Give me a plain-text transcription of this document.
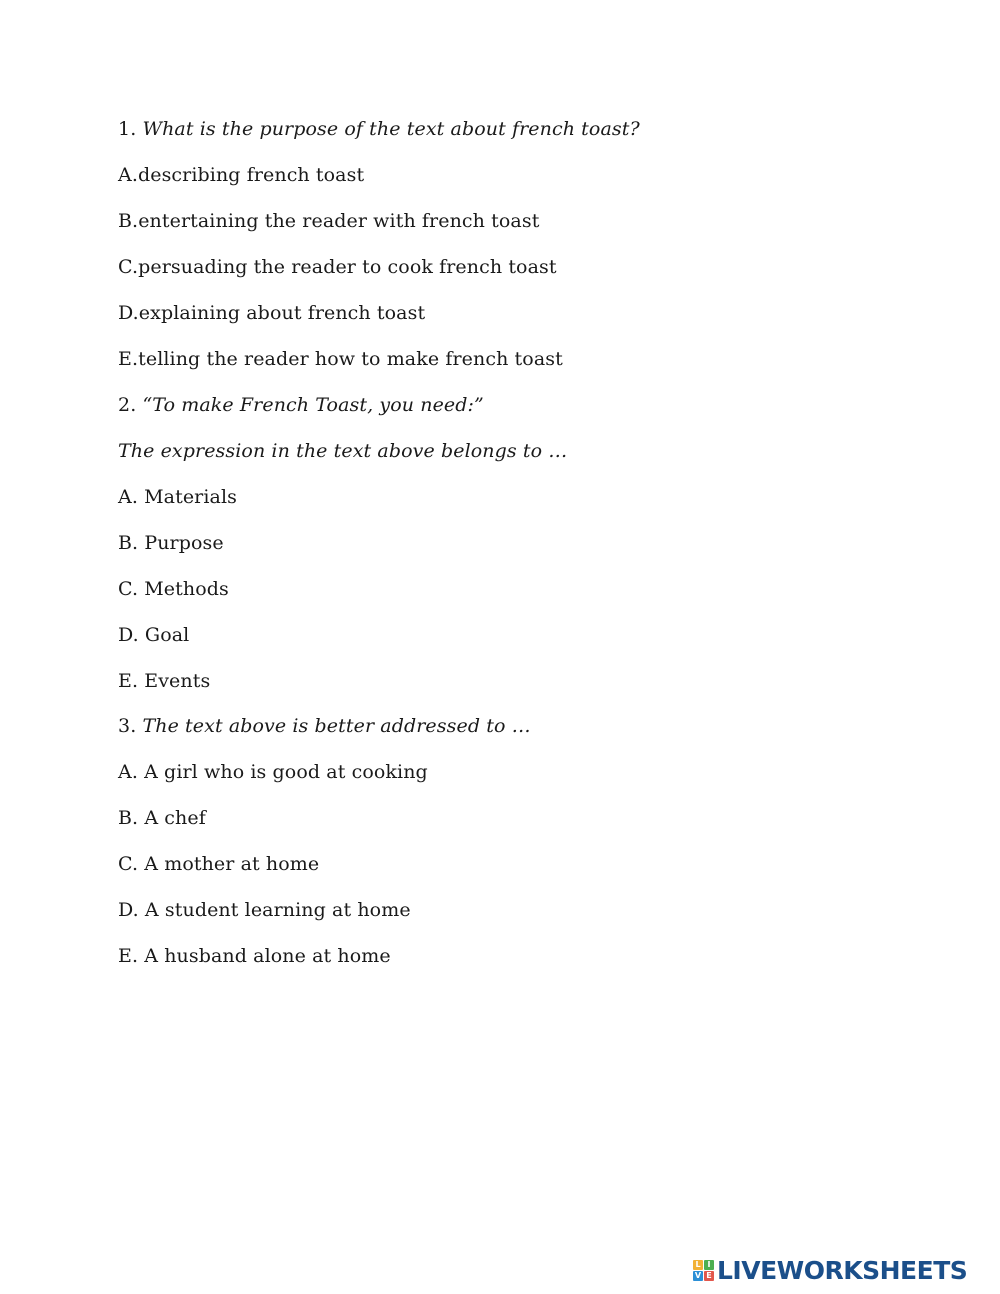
1. What is the purpose of the text about french toast?
A.describing french toast
B.entertaining the reader with french toast
C.persuading the reader to cook french toast
D.explaining about french toast
E.telling the reader how to make french toast
2. “To make French Toast, you need:”
The expression in the text above belongs to …
A. Materials
B. Purpose
C. Methods
D. Goal
E. Events
3. The text above is better addressed to …
A. A girl who is good at cooking
B. A chef
C. A mother at home
D. A student learning at home
E. A husband alone at home
L I
V E LIVEWORKSHEETS
